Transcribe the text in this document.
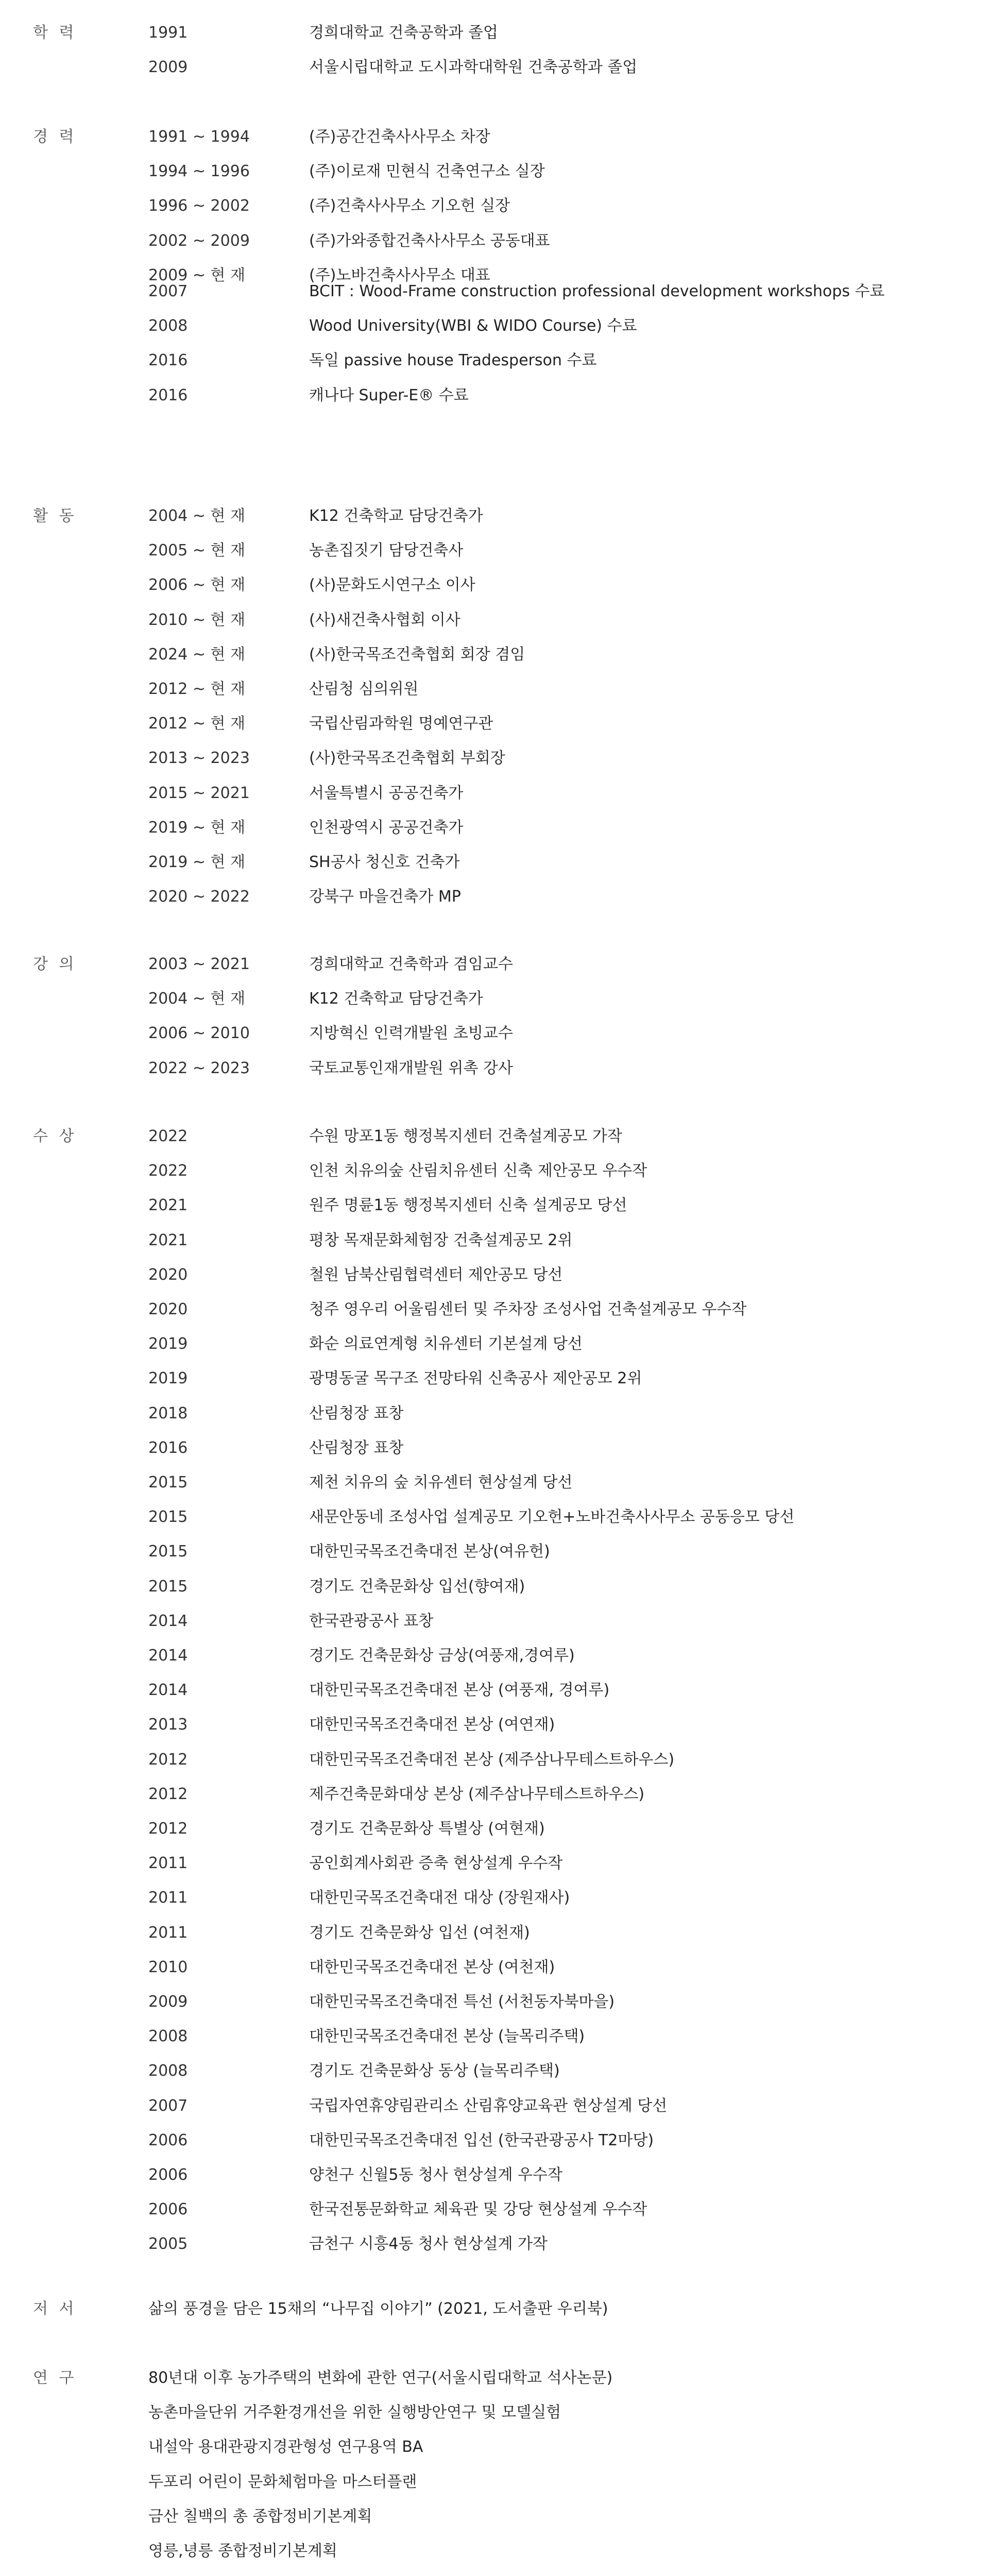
학 력	1991	경희대학교 건축공학과 졸업
2009	서울시립대학교 도시과학대학원 건축공학과 졸업
경 력	1991 ~ 1994	(주)공간건축사사무소 차장
1994 ~ 1996	(주)이로재 민현식 건축연구소 실장
1996 ~ 2002	(주)건축사사무소 기오헌 실장
2002 ~ 2009	(주)가와종합건축사사무소 공동대표
2009 ~ 현 재	(주)노바건축사사무소 대표
2007	BCIT : Wood-Frame construction professional development workshops 수료
2008	Wood University(WBI & WIDO Course) 수료
2016	독일 passive house Tradesperson 수료
2016	캐나다 Super-E® 수료
활 동	2004 ~ 현 재	K12 건축학교 담당건축가
2005 ~ 현 재	농촌집짓기 담당건축사
2006 ~ 현 재	(사)문화도시연구소 이사
2010 ~ 현 재	(사)새건축사협회 이사
2024 ~ 현 재	(사)한국목조건축협회 회장 겸임
2012 ~ 현 재	산림청 심의위원
2012 ~ 현 재	국립산림과학원 명예연구관
2013 ~ 2023	(사)한국목조건축협회 부회장
2015 ~ 2021	서울특별시 공공건축가
2019 ~ 현 재	인천광역시 공공건축가
2019 ~ 현 재	SH공사 청신호 건축가
2020 ~ 2022	강북구 마을건축가 MP
강 의	2003 ~ 2021	경희대학교 건축학과 겸임교수
2004 ~ 현 재	K12 건축학교 담당건축가
2006 ~ 2010	지방혁신 인력개발원 초빙교수
2022 ~ 2023	국토교통인재개발원 위촉 강사
수 상	2022	수원 망포1동 행정복지센터 건축설계공모 가작
2022	인천 치유의숲 산림치유센터 신축 제안공모 우수작
2021	원주 명륜1동 행정복지센터 신축 설계공모 당선
2021	평창 목재문화체험장 건축설계공모 2위
2020	철원 남북산림협력센터 제안공모 당선
2020	청주 영우리 어울림센터 및 주차장 조성사업 건축설계공모 우수작
2019	화순 의료연계형 치유센터 기본설계 당선
2019	광명동굴 목구조 전망타워 신축공사 제안공모 2위
2018	산림청장 표창
2016	산림청장 표창
2015	제천 치유의 숲 치유센터 현상설계 당선
2015	새문안동네 조성사업 설계공모 기오헌+노바건축사사무소 공동응모 당선
2015	대한민국목조건축대전 본상(여유헌)
2015	경기도 건축문화상 입선(향여재)
2014	한국관광공사 표창
2014	경기도 건축문화상 금상(여풍재,경여루)
2014	대한민국목조건축대전 본상 (여풍재, 경여루)
2013	대한민국목조건축대전 본상 (여연재)
2012	대한민국목조건축대전 본상 (제주삼나무테스트하우스)
2012	제주건축문화대상 본상 (제주삼나무테스트하우스)
2012	경기도 건축문화상 특별상 (여현재)
2011	공인회계사회관 증축 현상설계 우수작
2011	대한민국목조건축대전 대상 (장원재사)
2011	경기도 건축문화상 입선 (여천재)
2010	대한민국목조건축대전 본상 (여천재)
2009	대한민국목조건축대전 특선 (서천동자북마을)
2008	대한민국목조건축대전 본상 (늘목리주택)
2008	경기도 건축문화상 동상 (늘목리주택)
2007	국립자연휴양림관리소 산림휴양교육관 현상설계 당선
2006	대한민국목조건축대전 입선 (한국관광공사 T2마당)
2006	양천구 신월5동 청사 현상설계 우수작
2006	한국전통문화학교 체육관 및 강당 현상설계 우수작
2005	금천구 시흥4동 청사 현상설계 가작
저 서	삶의 풍경을 담은 15채의 “나무집 이야기” (2021, 도서출판 우리북)
연 구	80년대 이후 농가주택의 변화에 관한 연구(서울시립대학교 석사논문)
농촌마을단위 거주환경개선을 위한 실행방안연구 및 모델실험
내설악 용대관광지경관형성 연구용역 BA
두포리 어린이 문화체험마을 마스터플랜
금산 칠백의 총 종합정비기본계획
영릉,녕릉 종합정비기본계획
